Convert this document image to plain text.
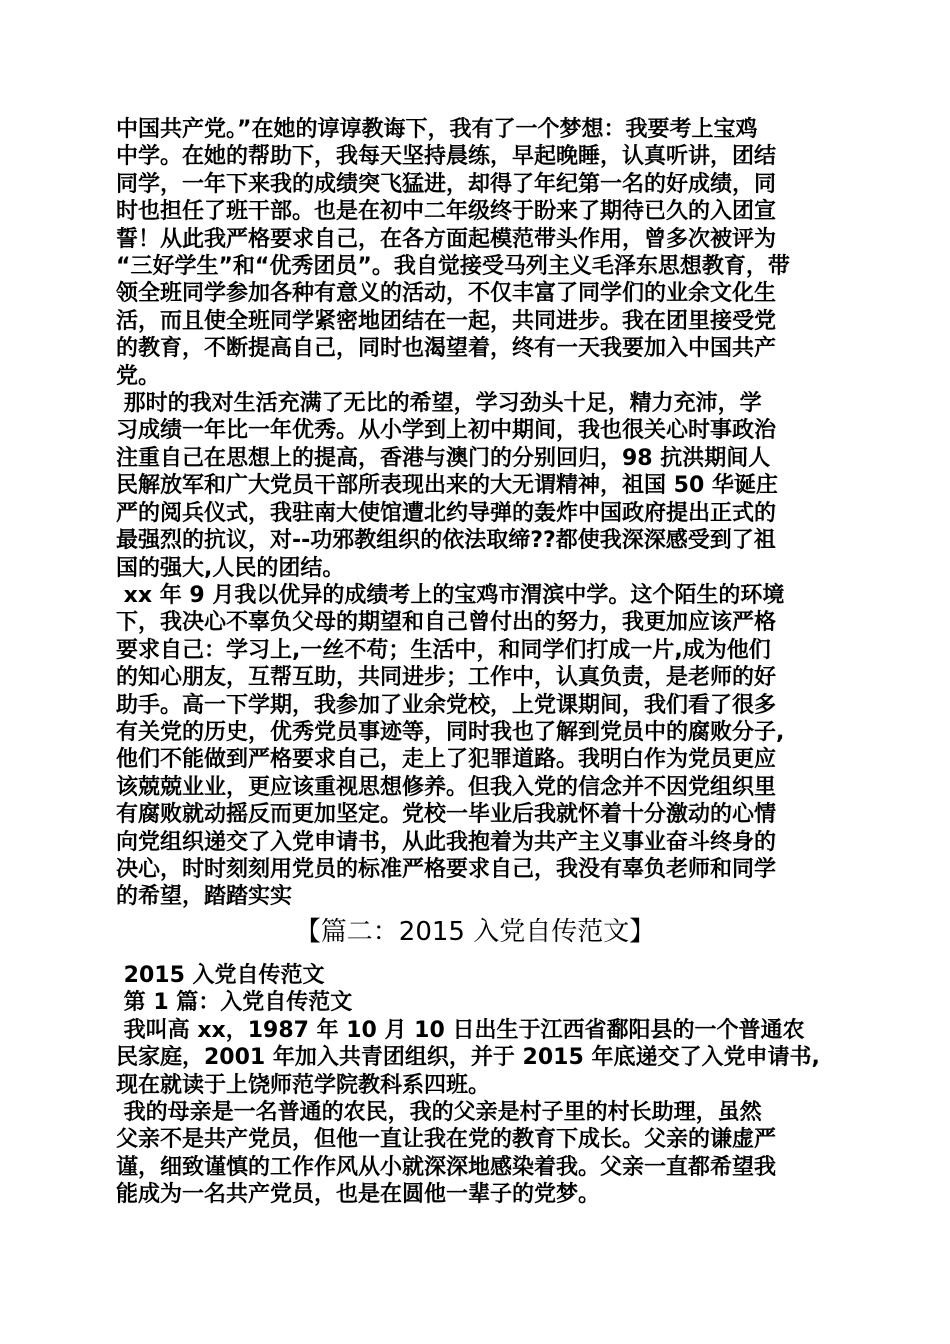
中国共产党。”在她的谆谆教诲下，我有了一个梦想：我要考上宝鸡
中学。在她的帮助下，我每天坚持晨练，早起晚睡，认真听讲，团结
同学，一年下来我的成绩突飞猛进，却得了年纪第一名的好成绩，同
时也担任了班干部。也是在初中二年级终于盼来了期待已久的入团宣
誓！从此我严格要求自己，在各方面起模范带头作用，曾多次被评为
“三好学生”和“优秀团员”。我自觉接受马列主义毛泽东思想教育，带
领全班同学参加各种有意义的活动，不仅丰富了同学们的业余文化生
活，而且使全班同学紧密地团结在一起，共同进步。我在团里接受党
的教育，不断提高自己，同时也渴望着，终有一天我要加入中国共产
党。
那时的我对生活充满了无比的希望，学习劲头十足，精力充沛，学
习成绩一年比一年优秀。从小学到上初中期间，我也很关心时事政治
注重自己在思想上的提高，香港与澳门的分别回归，98 抗洪期间人
民解放军和广大党员干部所表现出来的大无谓精神，祖国 50 华诞庄
严的阅兵仪式，我驻南大使馆遭北约导弹的轰炸中国政府提出正式的
最强烈的抗议，对--功邪教组织的依法取缔??都使我深深感受到了祖
国的强大,人民的团结。
xx 年 9 月我以优异的成绩考上的宝鸡市渭滨中学。这个陌生的环境
下，我决心不辜负父母的期望和自己曾付出的努力，我更加应该严格
要求自己：学习上,一丝不苟；生活中，和同学们打成一片,成为他们
的知心朋友，互帮互助，共同进步；工作中，认真负责，是老师的好
助手。高一下学期，我参加了业余党校，上党课期间，我们看了很多
有关党的历史，优秀党员事迹等，同时我也了解到党员中的腐败分子,
他们不能做到严格要求自己，走上了犯罪道路。我明白作为党员更应
该兢兢业业，更应该重视思想修养。但我入党的信念并不因党组织里
有腐败就动摇反而更加坚定。党校一毕业后我就怀着十分激动的心情
向党组织递交了入党申请书，从此我抱着为共产主义事业奋斗终身的
决心，时时刻刻用党员的标准严格要求自己，我没有辜负老师和同学
的希望，踏踏实实
【篇二：2015 入党自传范文】
2015 入党自传范文
第 1 篇：入党自传范文
我叫高 xx，1987 年 10 月 10 日出生于江西省鄱阳县的一个普通农
民家庭，2001 年加入共青团组织，并于 2015 年底递交了入党申请书,
现在就读于上饶师范学院教科系四班。
我的母亲是一名普通的农民，我的父亲是村子里的村长助理，虽然
父亲不是共产党员，但他一直让我在党的教育下成长。父亲的谦虚严
谨，细致谨慎的工作作风从小就深深地感染着我。父亲一直都希望我
能成为一名共产党员，也是在圆他一辈子的党梦。
